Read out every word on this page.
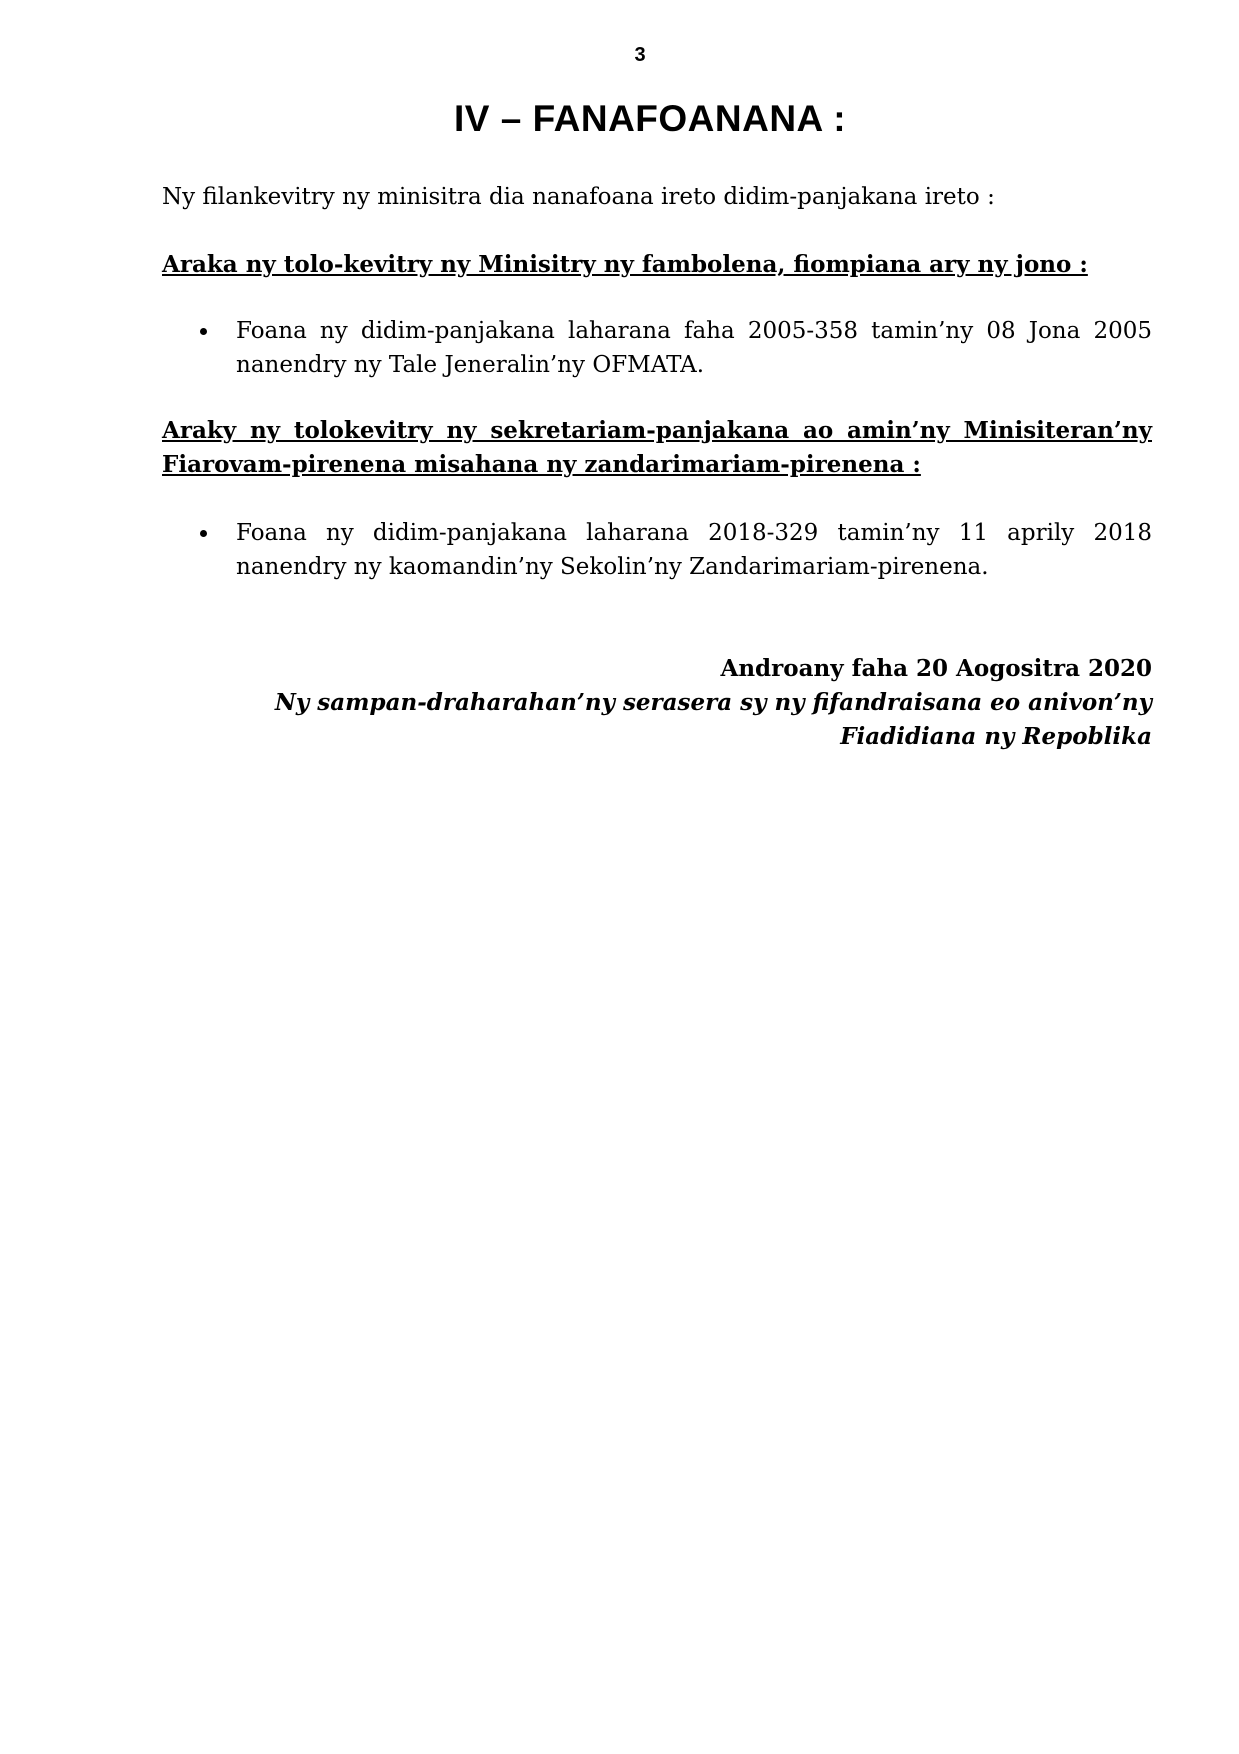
3
IV – FANAFOANANA :

Ny filankevitry ny minisitra dia nanafoana ireto didim-panjakana ireto :

Araka ny tolo-kevitry ny Minisitry ny fambolena, fiompiana ary ny jono :

Foana ny didim-panjakana laharana faha 2005-358 tamin’ny 08 Jona 2005 nanendry ny Tale Jeneralin’ny OFMATA.

Araky ny tolokevitry ny sekretariam-panjakana ao amin’ny Minisiteran’ny Fiarovam-pirenena misahana ny zandarimariam-pirenena :

Foana ny didim-panjakana laharana 2018-329 tamin’ny 11 aprily 2018 nanendry ny kaomandin’ny Sekolin’ny Zandarimariam-pirenena.
Androany faha 20 Aogositra 2020
Ny sampan-draharahan’ny serasera sy ny fifandraisana eo anivon’ny
Fiadidiana ny Repoblika
